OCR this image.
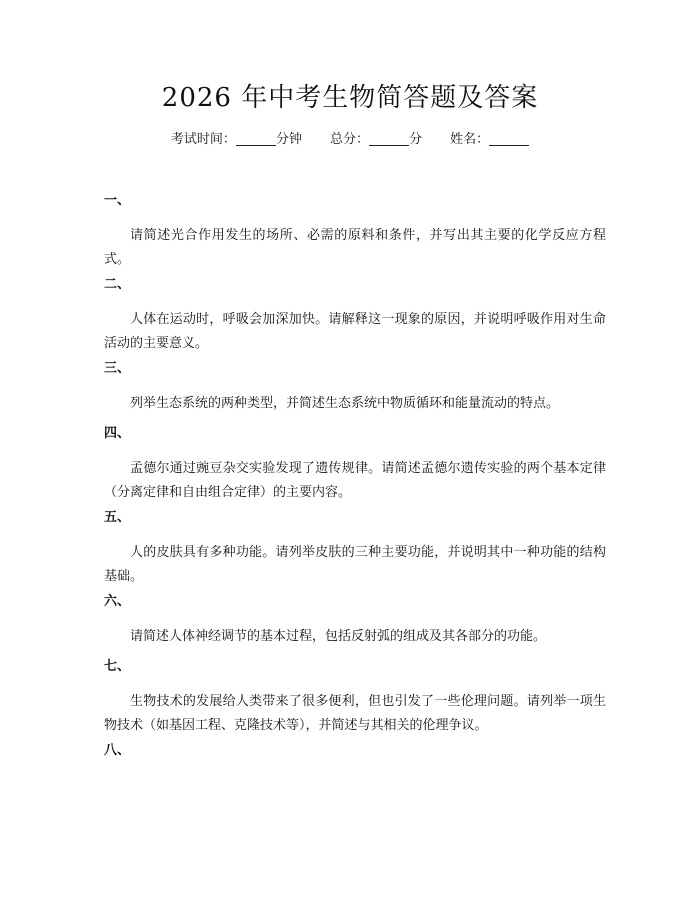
2026 年中考生物简答题及答案
考试时间：	分钟 总分：	分 姓名：
一、
请简述光合作用发生的场所、必需的原料和条件，并写出其主要的化学反应方程式。
二、
人体在运动时，呼吸会加深加快。请解释这一现象的原因，并说明呼吸作用对生命活动的主要意义。
三、
列举生态系统的两种类型，并简述生态系统中物质循环和能量流动的特点。
四、
孟德尔通过豌豆杂交实验发现了遗传规律。请简述孟德尔遗传实验的两个基本定律（分离定律和自由组合定律）的主要内容。
五、
人的皮肤具有多种功能。请列举皮肤的三种主要功能，并说明其中一种功能的结构基础。
六、
请简述人体神经调节的基本过程，包括反射弧的组成及其各部分的功能。
七、
生物技术的发展给人类带来了很多便利，但也引发了一些伦理问题。请列举一项生物技术（如基因工程、克隆技术等），并简述与其相关的伦理争议。
八、
